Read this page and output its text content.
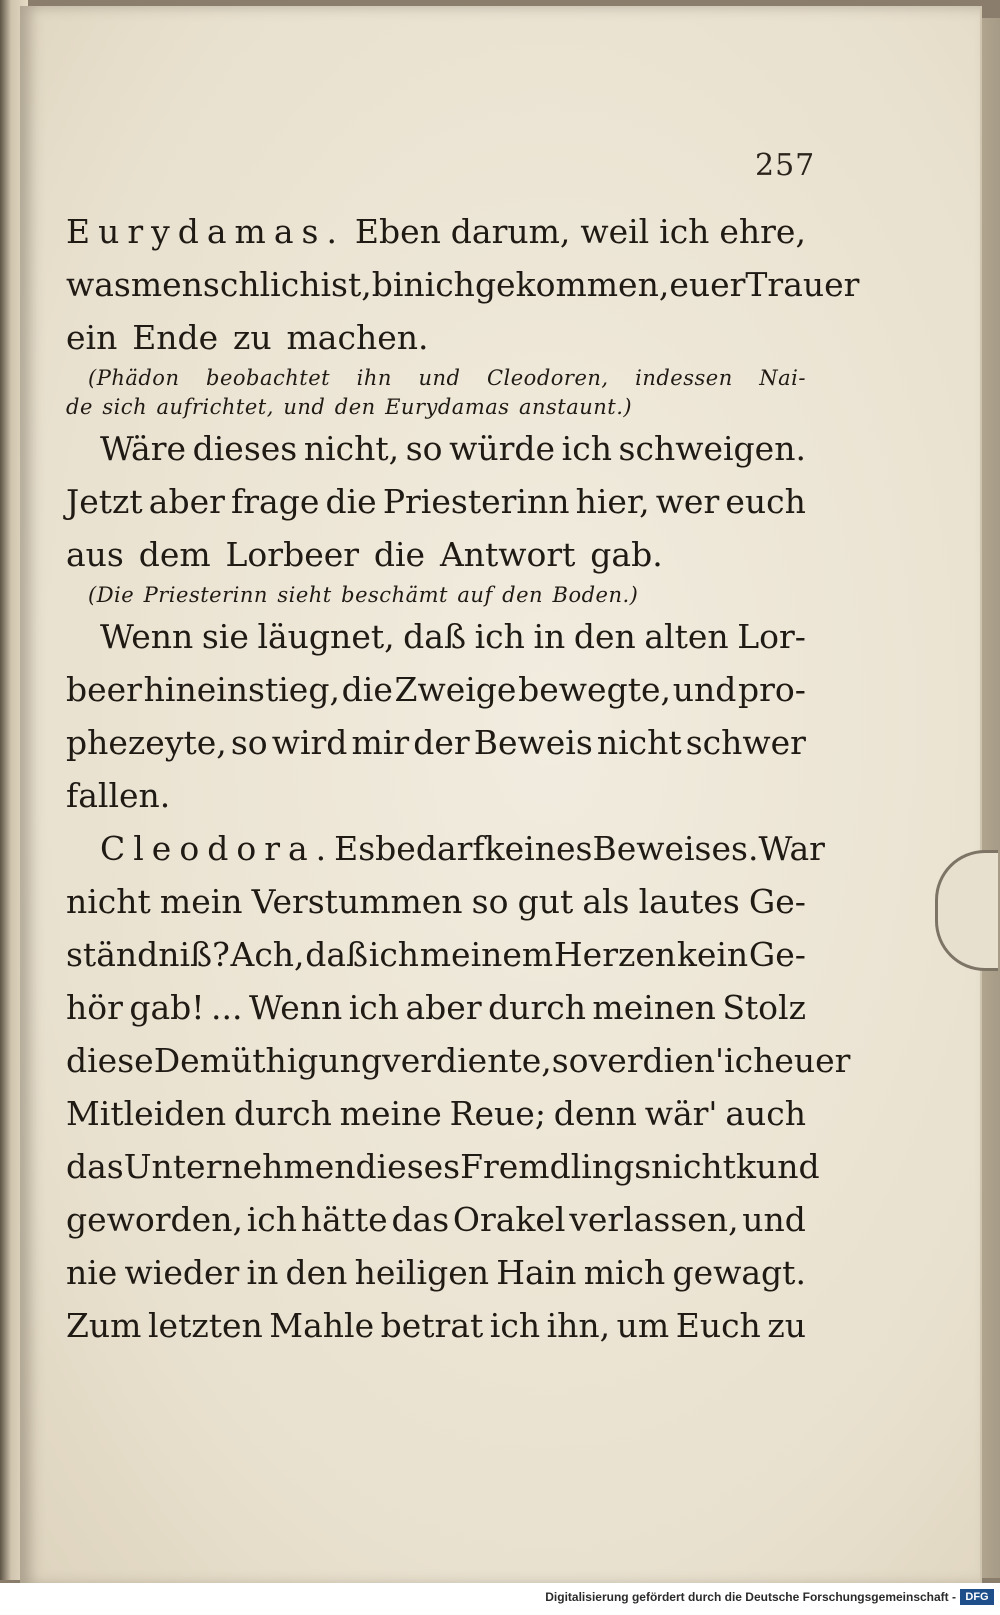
257
Eurydamas. Eben darum, weil ich ehre,
was menschlich ist, bin ich gekommen, euer Trauer
ein Ende zu machen.
(Phädon beobachtet ihn und Cleodoren, indessen Nai-
de sich aufrichtet, und den Eurydamas anstaunt.)
Wäre dieses nicht, so würde ich schweigen.
Jetzt aber frage die Priesterinn hier, wer euch
aus dem Lorbeer die Antwort gab.
(Die Priesterinn sieht beschämt auf den Boden.)
Wenn sie läugnet, daß ich in den alten Lor-
beer hineinstieg, die Zweige bewegte, und pro-
phezeyte, so wird mir der Beweis nicht schwer
fallen.
Cleodora. Es bedarf keines Beweises. War
nicht mein Verstummen so gut als lautes Ge-
ständniß? Ach, daß ich meinem Herzen kein Ge-
hör gab! ... Wenn ich aber durch meinen Stolz
diese Demüthigung verdiente, so verdien' ich euer
Mitleiden durch meine Reue; denn wär' auch
das Unternehmen dieses Fremdlings nicht kund
geworden, ich hätte das Orakel verlassen, und
nie wieder in den heiligen Hain mich gewagt.
Zum letzten Mahle betrat ich ihn, um Euch zu
Digitalisierung gefördert durch die Deutsche Forschungsgemeinschaft - DFG
